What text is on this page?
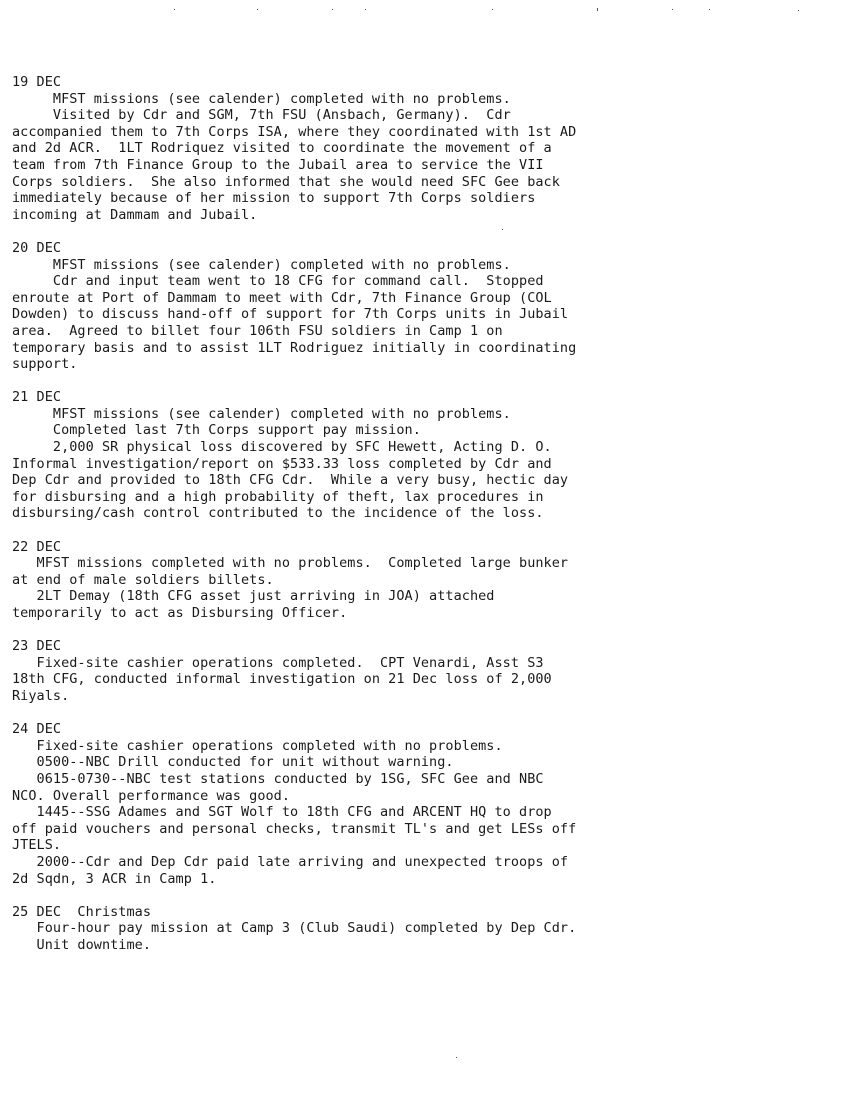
19 DEC
MFST missions (see calender) completed with no problems.
Visited by Cdr and SGM, 7th FSU (Ansbach, Germany).  Cdr
accompanied them to 7th Corps ISA, where they coordinated with 1st AD
and 2d ACR.  1LT Rodriquez visited to coordinate the movement of a
team from 7th Finance Group to the Jubail area to service the VII
Corps soldiers.  She also informed that she would need SFC Gee back
immediately because of her mission to support 7th Corps soldiers
incoming at Dammam and Jubail.
20 DEC
MFST missions (see calender) completed with no problems.
Cdr and input team went to 18 CFG for command call.  Stopped
enroute at Port of Dammam to meet with Cdr, 7th Finance Group (COL
Dowden) to discuss hand-off of support for 7th Corps units in Jubail
area.  Agreed to billet four 106th FSU soldiers in Camp 1 on
temporary basis and to assist 1LT Rodriguez initially in coordinating
support.
21 DEC
MFST missions (see calender) completed with no problems.
Completed last 7th Corps support pay mission.
2,000 SR physical loss discovered by SFC Hewett, Acting D. O.
Informal investigation/report on $533.33 loss completed by Cdr and
Dep Cdr and provided to 18th CFG Cdr.  While a very busy, hectic day
for disbursing and a high probability of theft, lax procedures in
disbursing/cash control contributed to the incidence of the loss.
22 DEC
MFST missions completed with no problems.  Completed large bunker
at end of male soldiers billets.
2LT Demay (18th CFG asset just arriving in JOA) attached
temporarily to act as Disbursing Officer.
23 DEC
Fixed-site cashier operations completed.  CPT Venardi, Asst S3
18th CFG, conducted informal investigation on 21 Dec loss of 2,000
Riyals.
24 DEC
Fixed-site cashier operations completed with no problems.
0500--NBC Drill conducted for unit without warning.
0615-0730--NBC test stations conducted by 1SG, SFC Gee and NBC
NCO. Overall performance was good.
1445--SSG Adames and SGT Wolf to 18th CFG and ARCENT HQ to drop
off paid vouchers and personal checks, transmit TL's and get LESs off
JTELS.
2000--Cdr and Dep Cdr paid late arriving and unexpected troops of
2d Sqdn, 3 ACR in Camp 1.
25 DEC  Christmas
Four-hour pay mission at Camp 3 (Club Saudi) completed by Dep Cdr.
Unit downtime.
